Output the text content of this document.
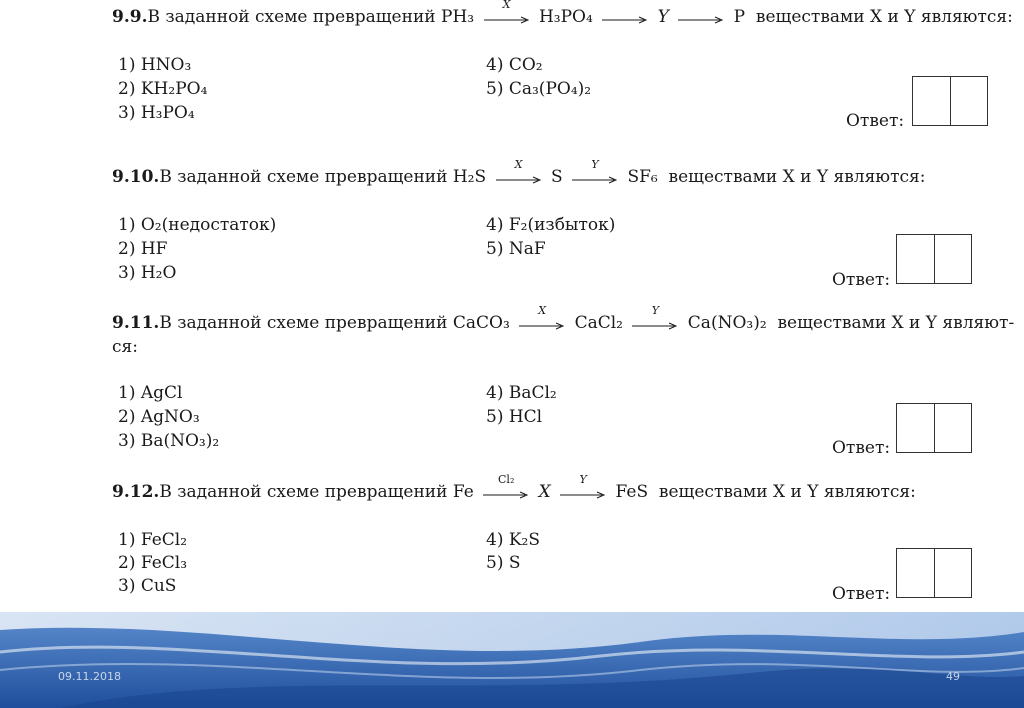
9.9.В заданной схеме превращений PH₃
X
H₃PO₄ → Y → P веществами X и Y являются:
1) HNO₃
2) KH₂PO₄
3) H₃PO₄
4) CO₂
5) Ca₃(PO₄)₂
Ответ:
9.10.В заданной схеме превращений H₂S
X
S
Y
SF₆ веществами X и Y являются:
1) O₂(недостаток)
2) HF
3) H₂O
4) F₂(избыток)
5) NaF
Ответ:
9.11.В заданной схеме превращений CaCO₃
X
CaCl₂
Y
Ca(NO₃)₂ веществами X и Y являют-
ся:
1) AgCl
2) AgNO₃
3) Ba(NO₃)₂
4) BaCl₂
5) HCl
Ответ:
9.12.В заданной схеме превращений Fe
Cl₂
X
Y
FeS веществами X и Y являются:
1) FeCl₂
2) FeCl₃
3) CuS
4) K₂S
5) S
Ответ:
09.11.2018	49
